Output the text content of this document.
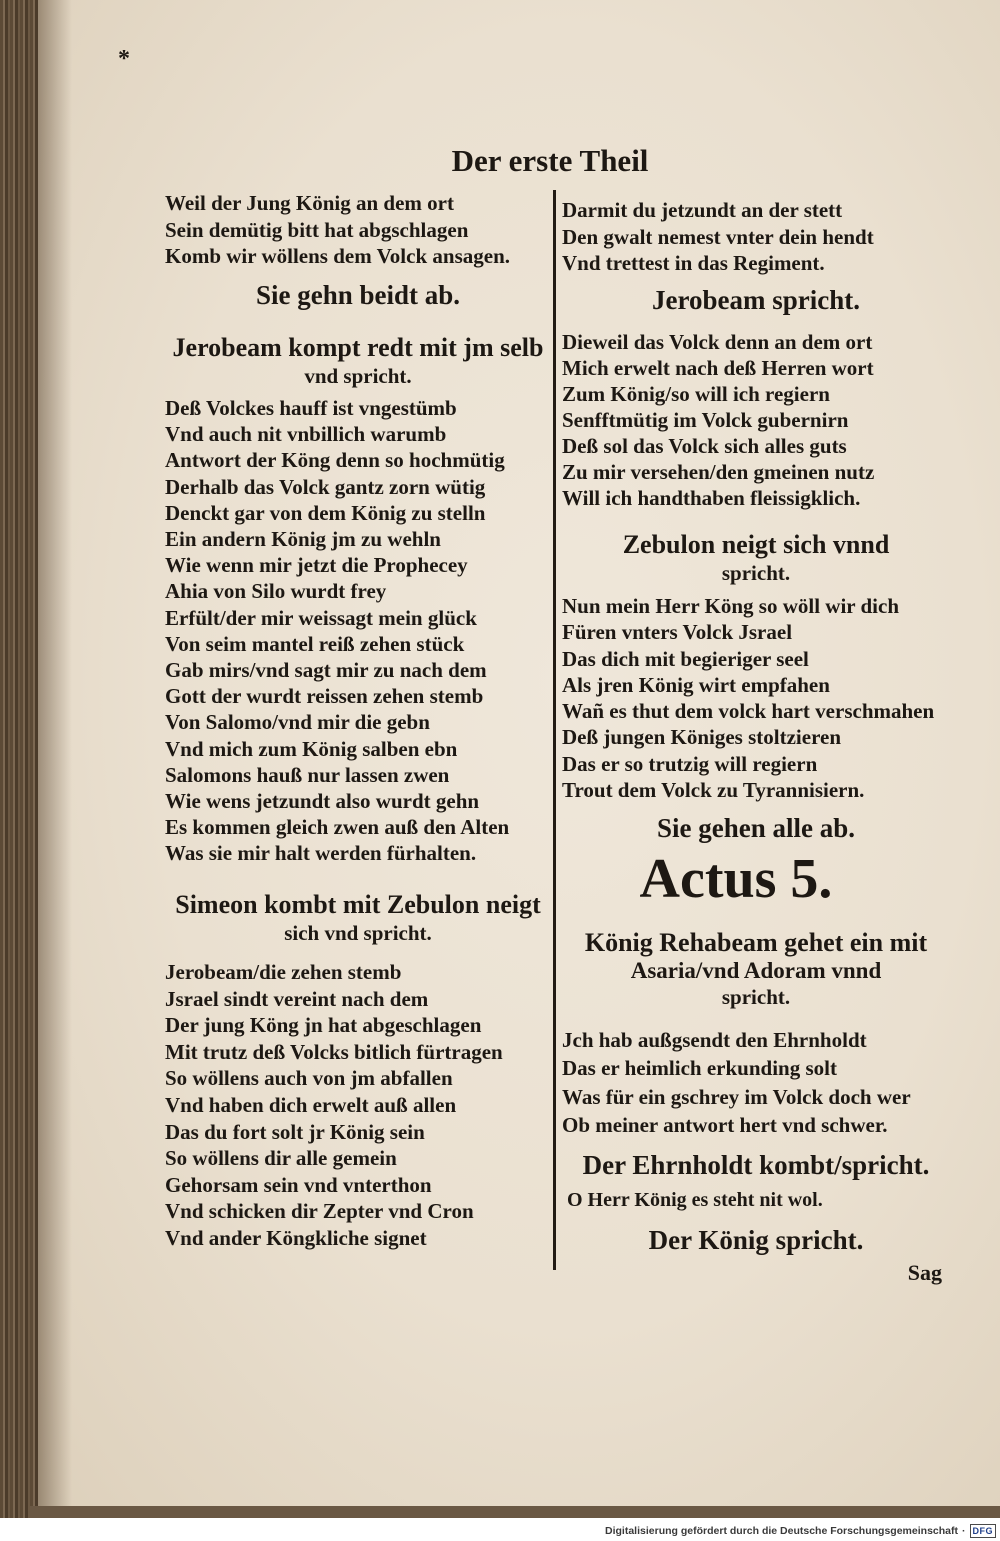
*
Der erste Theil
Weil der Jung König an dem ort
Sein demütig bitt hat abgschlagen
Komb wir wöllens dem Volck ansagen.
Sie gehn beidt ab.
Jerobeam kompt redt mit jm selb
vnd spricht.
Deß Volckes hauff ist vngestümb
Vnd auch nit vnbillich warumb
Antwort der Köng denn so hochmütig
Derhalb das Volck gantz zorn wütig
Denckt gar von dem König zu stelln
Ein andern König jm zu wehln
Wie wenn mir jetzt die Prophecey
Ahia von Silo wurdt frey
Erfült/der mir weissagt mein glück
Von seim mantel reiß zehen stück
Gab mirs/vnd sagt mir zu nach dem
Gott der wurdt reissen zehen stemb
Von Salomo/vnd mir die gebn
Vnd mich zum König salben ebn
Salomons hauß nur lassen zwen
Wie wens jetzundt also wurdt gehn
Es kommen gleich zwen auß den Alten
Was sie mir halt werden fürhalten.
Simeon kombt mit Zebulon neigt
sich vnd spricht.
Jerobeam/die zehen stemb
Jsrael sindt vereint nach dem
Der jung Köng jn hat abgeschlagen
Mit trutz deß Volcks bitlich fürtragen
So wöllens auch von jm abfallen
Vnd haben dich erwelt auß allen
Das du fort solt jr König sein
So wöllens dir alle gemein
Gehorsam sein vnd vnterthon
Vnd schicken dir Zepter vnd Cron
Vnd ander Köngkliche signet
Darmit du jetzundt an der stett
Den gwalt nemest vnter dein hendt
Vnd trettest in das Regiment.
Jerobeam spricht.
Dieweil das Volck denn an dem ort
Mich erwelt nach deß Herren wort
Zum König/so will ich regiern
Senfftmütig im Volck gubernirn
Deß sol das Volck sich alles guts
Zu mir versehen/den gmeinen nutz
Will ich handthaben fleissigklich.
Zebulon neigt sich vnnd
spricht.
Nun mein Herr Köng so wöll wir dich
Füren vnters Volck Jsrael
Das dich mit begieriger seel
Als jren König wirt empfahen
Wañ es thut dem volck hart verschmahen
Deß jungen Königes stoltzieren
Das er so trutzig will regiern
Trout dem Volck zu Tyrannisiern.
Sie gehen alle ab.
Actus 5.
König Rehabeam gehet ein mit
Asaria/vnd Adoram vnnd
spricht.
Jch hab außgsendt den Ehrnholdt
Das er heimlich erkunding solt
Was für ein gschrey im Volck doch wer
Ob meiner antwort hert vnd schwer.
Der Ehrnholdt kombt/spricht.
O Herr König es steht nit wol.
Der König spricht.
Sag
Digitalisierung gefördert durch die Deutsche Forschungsgemeinschaft · DFG
